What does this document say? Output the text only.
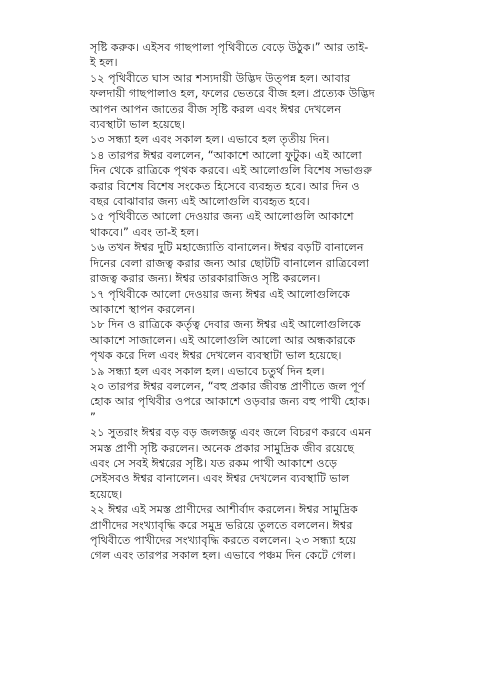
সৃষ্টি করুক। এইসব গাছপালা পৃথিবীতে বেড়ে উঠুক।” আর তাই-
ই হল।

১২ পৃথিবীতে ঘাস আর শস্যদায়ী উদ্ভিদ উত্‌পন্ন হল। আবার
ফলদায়ী গাছপালাও হল, ফলের ভেতরে বীজ হল। প্রত্যেক উদ্ভিদ
আপন আপন জাতের বীজ সৃষ্টি করল এবং ঈশ্বর দেখলেন
ব্যবস্থাটা ভাল হয়েছে।

১৩ সন্ধ্যা হল এবং সকাল হল। এভাবে হল তৃতীয় দিন।

১৪ তারপর ঈশ্বর বললেন, “আকাশে আলো ফুটুক। এই আলো
দিন থেকে রাত্রিকে পৃথক করবে। এই আলোগুলি বিশেষ সভাগুরু
করার বিশেষ বিশেষ সংকেত হিসেবে ব্যবহৃত হবে। আর দিন ও
বছর বোঝাবার জন্য এই আলোগুলি ব্যবহৃত হবে।

১৫ পৃথিবীতে আলো দেওয়ার জন্য এই আলোগুলি আকাশে
থাকবে।” এবং তা-ই হল।

১৬ তখন ঈশ্বর দুটি মহাজ্যোতি বানালেন। ঈশ্বর বড়টি বানালেন
দিনের বেলা রাজত্ব করার জন্য আর ছোটটি বানালেন রাত্রিবেলা
রাজত্ব করার জন্য। ঈশ্বর তারকারাজিও সৃষ্টি করলেন।

১৭ পৃথিবীকে আলো দেওয়ার জন্য ঈশ্বর এই আলোগুলিকে
আকাশে স্থাপন করলেন।

১৮ দিন ও রাত্রিকে কর্তৃত্ব দেবার জন্য ঈশ্বর এই আলোগুলিকে
আকাশে সাজালেন। এই আলোগুলি আলো আর অন্ধকারকে
পৃথক করে দিল এবং ঈশ্বর দেখলেন ব্যবস্থাটা ভাল হয়েছে।

১৯ সন্ধ্যা হল এবং সকাল হল। এভাবে চতুর্থ দিন হল।

২০ তারপর ঈশ্বর বললেন, “বহু প্রকার জীবন্ত প্রাণীতে জল পূর্ণ
হোক আর পৃথিবীর ওপরে আকাশে ওড়বার জন্য বহু পাখী হোক।
”

২১ সুতরাং ঈশ্বর বড় বড় জলজন্তু এবং জলে বিচরণ করবে এমন
সমস্ত প্রাণী সৃষ্টি করলেন। অনেক প্রকার সামুদ্রিক জীব রয়েছে
এবং সে সবই ঈশ্বরের সৃষ্টি। যত রকম পাখী আকাশে ওড়ে
সেইসবও ঈশ্বর বানালেন। এবং ঈশ্বর দেখলেন ব্যবস্থাটি ভাল
হয়েছে।

২২ ঈশ্বর এই সমস্ত প্রাণীদের আশীর্বাদ করলেন। ঈশ্বর সামুদ্রিক
প্রাণীদের সংখ্যাবৃদ্ধি করে সমুদ্র ভরিয়ে তুলতে বললেন। ঈশ্বর
পৃথিবীতে পাখীদের সংখ্যাবৃদ্ধি করতে বললেন। ২৩ সন্ধ্যা হয়ে
গেল এবং তারপর সকাল হল। এভাবে পঞ্চম দিন কেটে গেল।
